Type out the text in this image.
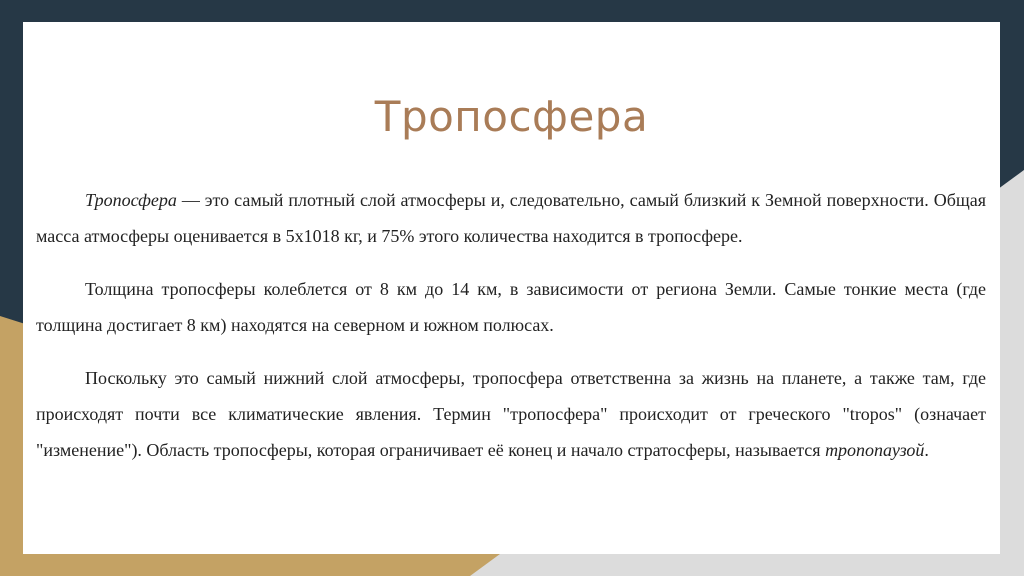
Тропосфера

Тропосфера — это самый плотный слой атмосферы и, следовательно, самый близкий к Земной поверхности. Общая масса атмосферы оценивается в 5х1018 кг, и 75% этого количества находится в тропосфере.

Толщина тропосферы колеблется от 8 км до 14 км, в зависимости от региона Земли. Самые тонкие места (где толщина достигает 8 км) находятся на северном и южном полюсах.

Поскольку это самый нижний слой атмосферы, тропосфера ответственна за жизнь на планете, а также там, где происходят почти все климатические явления. Термин "тропосфера" происходит от греческого "tropos" (означает "изменение"). Область тропосферы, которая ограничивает её конец и начало стратосферы, называется тропопаузой.
